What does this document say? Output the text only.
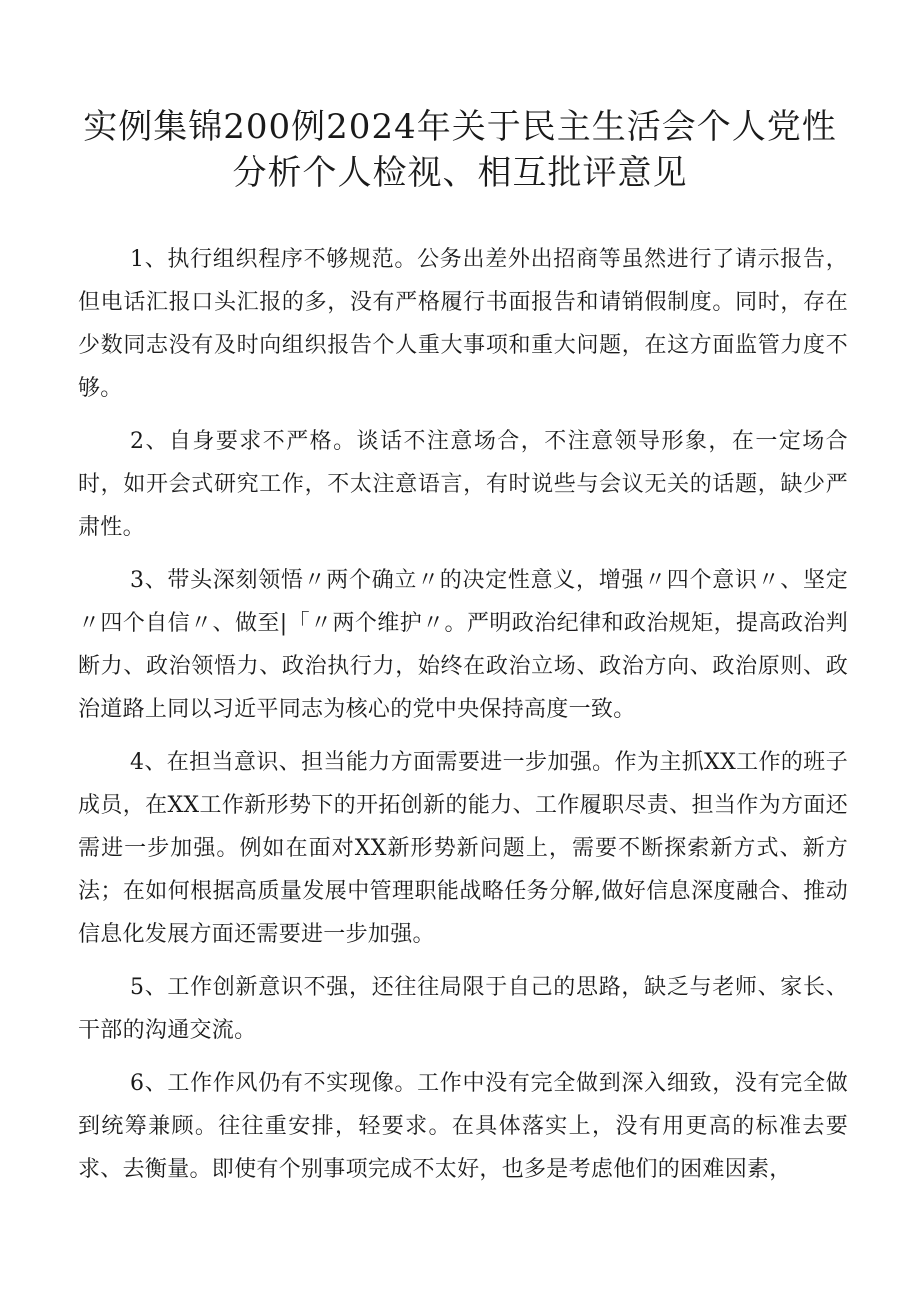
实例集锦200例2024年关于民主生活会个人党性
分析个人检视、相互批评意见

1、执行组织程序不够规范。公务出差外出招商等虽然进行了请示报告，但电话汇报口头汇报的多，没有严格履行书面报告和请销假制度。同时，存在少数同志没有及时向组织报告个人重大事项和重大问题，在这方面监管力度不够。

2、自身要求不严格。谈话不注意场合，不注意领导形象，在一定场合时，如开会式研究工作，不太注意语言，有时说些与会议无关的话题，缺少严肃性。

3、带头深刻领悟〃两个确立〃的决定性意义，增强〃四个意识〃、坚定〃四个自信〃、做至|「〃两个维护〃。严明政治纪律和政治规矩，提高政治判断力、政治领悟力、政治执行力，始终在政治立场、政治方向、政治原则、政治道路上同以习近平同志为核心的党中央保持高度一致。

4、在担当意识、担当能力方面需要进一步加强。作为主抓XX工作的班子成员，在XX工作新形势下的开拓创新的能力、工作履职尽责、担当作为方面还需进一步加强。例如在面对XX新形势新问题上，需要不断探索新方式、新方法；在如何根据高质量发展中管理职能战略任务分解,做好信息深度融合、推动信息化发展方面还需要进一步加强。

5、工作创新意识不强，还往往局限于自己的思路，缺乏与老师、家长、干部的沟通交流。

6、工作作风仍有不实现像。工作中没有完全做到深入细致，没有完全做到统筹兼顾。往往重安排，轻要求。在具体落实上，没有用更高的标准去要求、去衡量。即使有个别事项完成不太好，也多是考虑他们的困难因素，
